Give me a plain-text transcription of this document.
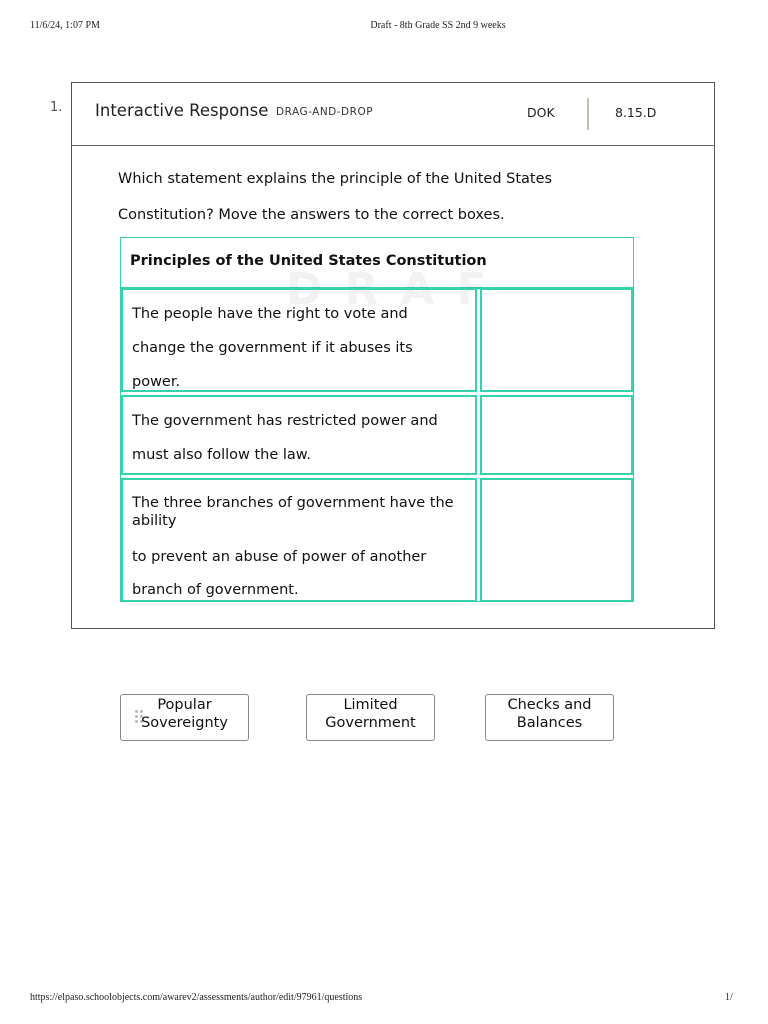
11/6/24, 1:07 PM	Draft - 8th Grade SS 2nd 9 weeks
1. Interactive Response DRAG-AND-DROP	DOK	8.15.D
Which statement explains the principle of the United States
Constitution? Move the answers to the correct boxes.
Principles of the United States Constitution
DRAF
The people have the right to vote and
change the government if it abuses its
power.
The government has restricted power and
must also follow the law.
The three branches of government have the ability
to prevent an abuse of power of another
branch of government.
Popular
Sovereignty
Limited
Government
Checks and
Balances
https://elpaso.schoolobjects.com/awarev2/assessments/author/edit/97961/questions	1/
